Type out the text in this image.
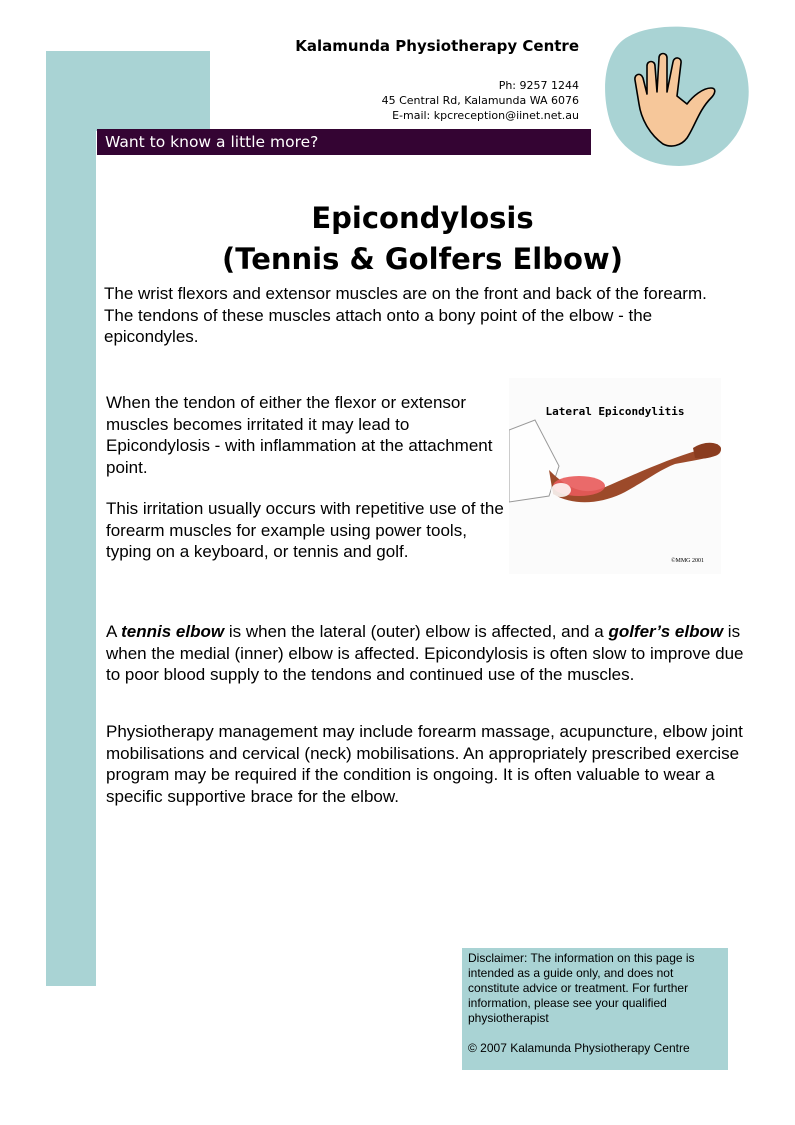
Kalamunda Physiotherapy Centre
Ph: 9257 1244
45 Central Rd, Kalamunda WA 6076
E-mail: kpcreception@iinet.net.au
Want to know a little more?
Epicondylosis
(Tennis & Golfers Elbow)
The wrist flexors and extensor muscles are on the front and back of the forearm. The tendons of these muscles attach onto a bony point of the elbow - the epicondyles.
When the tendon of either the flexor or extensor muscles becomes irritated it may lead to Epicondylosis - with inflammation at the attachment point.
This irritation usually occurs with repetitive use of the forearm muscles for example using power tools, typing on a keyboard, or tennis and golf.
Lateral Epicondylitis
©MMG 2001
A tennis elbow is when the lateral (outer) elbow is affected, and a golfer’s elbow is when the medial (inner) elbow is affected. Epicondylosis is often slow to improve due to poor blood supply to the tendons and continued use of the muscles.
Physiotherapy management may include forearm massage, acupuncture, elbow joint mobilisations and cervical (neck) mobilisations. An appropriately prescribed exercise program may be required if the condition is ongoing. It is often valuable to wear a specific supportive brace for the elbow.

Disclaimer: The information on this page is intended as a guide only, and does not constitute advice or treatment. For further information, please see your qualified physiotherapist

© 2007 Kalamunda Physiotherapy Centre
